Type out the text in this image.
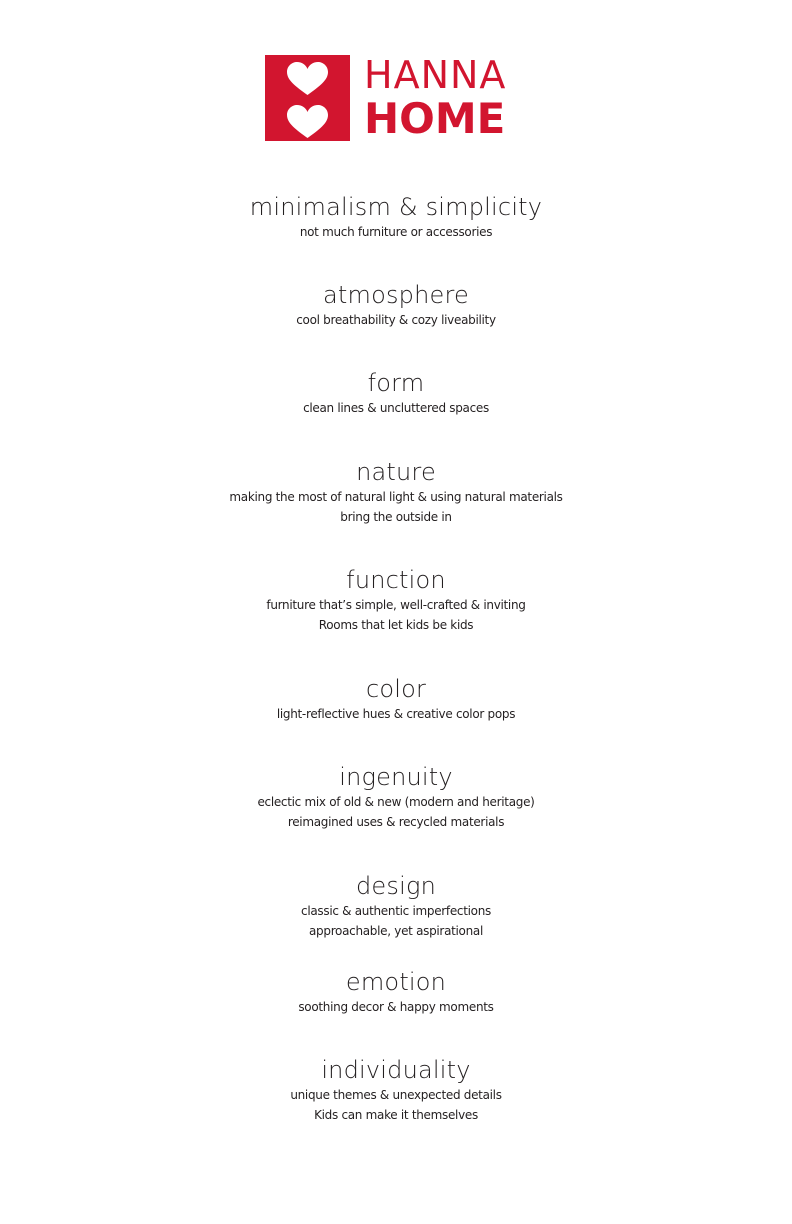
HANNA
HOME

minimalism & simplicity

not much furniture or accessories

atmosphere

cool breathability & cozy liveability

form

clean lines & uncluttered spaces

nature

making the most of natural light & using natural materials

bring the outside in

function

furniture that’s simple, well-crafted & inviting

Rooms that let kids be kids

color

light-reflective hues & creative color pops

ingenuity

eclectic mix of old & new (modern and heritage)

reimagined uses & recycled materials

design

classic & authentic imperfections

approachable, yet aspirational

emotion

soothing decor & happy moments

individuality

unique themes & unexpected details

Kids can make it themselves
